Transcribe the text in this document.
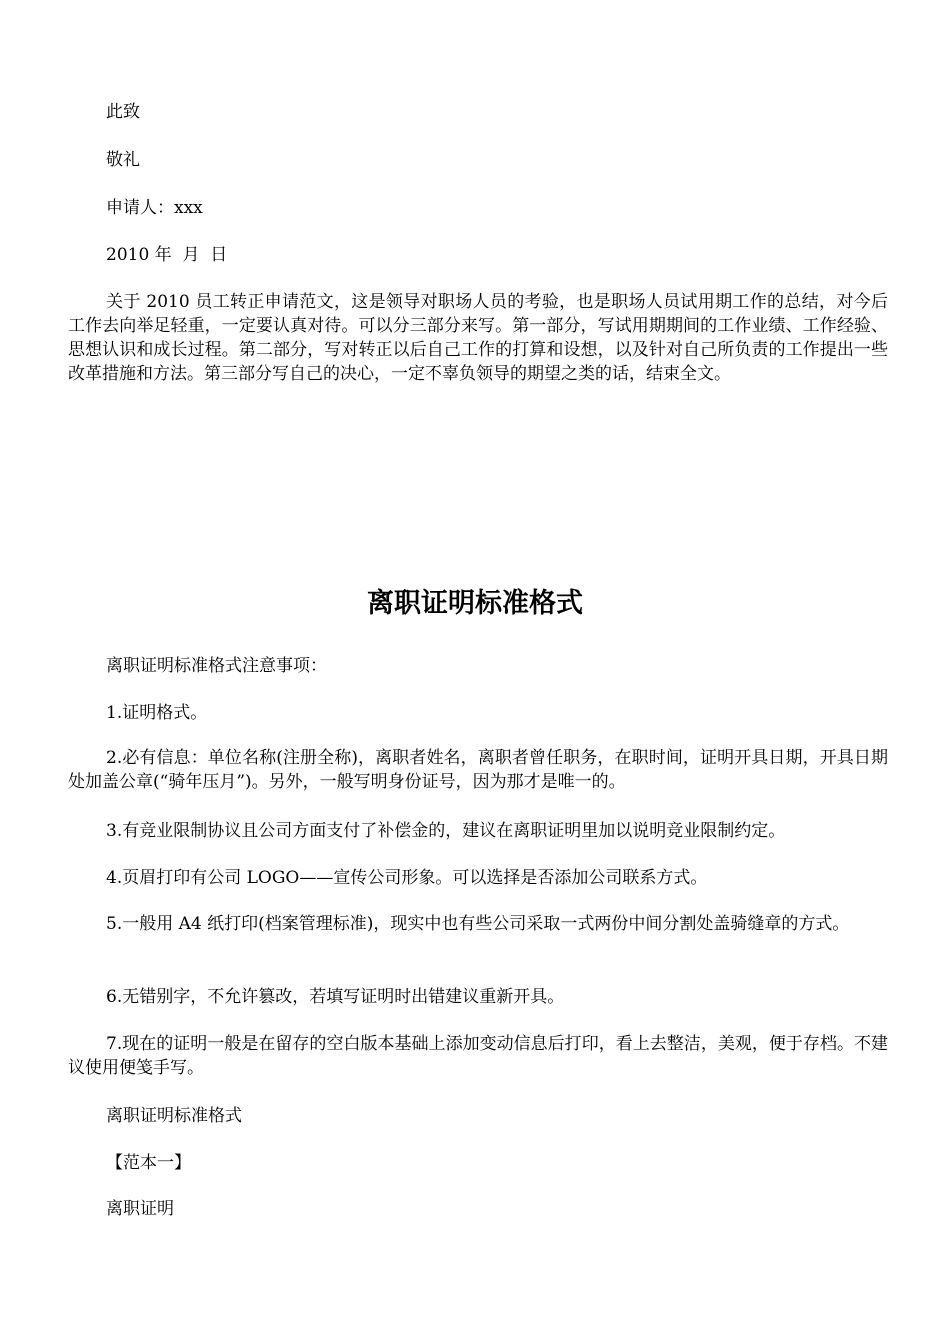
此致

敬礼

申请人：xxx

2010 年  月  日

关于 2010 员工转正申请范文，这是领导对职场人员的考验，也是职场人员试用期工作的总结，对今后工作去向举足轻重，一定要认真对待。可以分三部分来写。第一部分，写试用期期间的工作业绩、工作经验、思想认识和成长过程。第二部分，写对转正以后自己工作的打算和设想，以及针对自己所负责的工作提出一些改革措施和方法。第三部分写自己的决心，一定不辜负领导的期望之类的话，结束全文。

离职证明标准格式

离职证明标准格式注意事项：

1.证明格式。

2.必有信息：单位名称(注册全称)，离职者姓名，离职者曾任职务，在职时间，证明开具日期，开具日期处加盖公章(“骑年压月”)。另外，一般写明身份证号，因为那才是唯一的。

3.有竞业限制协议且公司方面支付了补偿金的，建议在离职证明里加以说明竞业限制约定。

4.页眉打印有公司 LOGO——宣传公司形象。可以选择是否添加公司联系方式。

5.一般用 A4 纸打印(档案管理标准)，现实中也有些公司采取一式两份中间分割处盖骑缝章的方式。

6.无错别字，不允许篡改，若填写证明时出错建议重新开具。

7.现在的证明一般是在留存的空白版本基础上添加变动信息后打印，看上去整洁，美观，便于存档。不建议使用便笺手写。

离职证明标准格式

【范本一】

离职证明
